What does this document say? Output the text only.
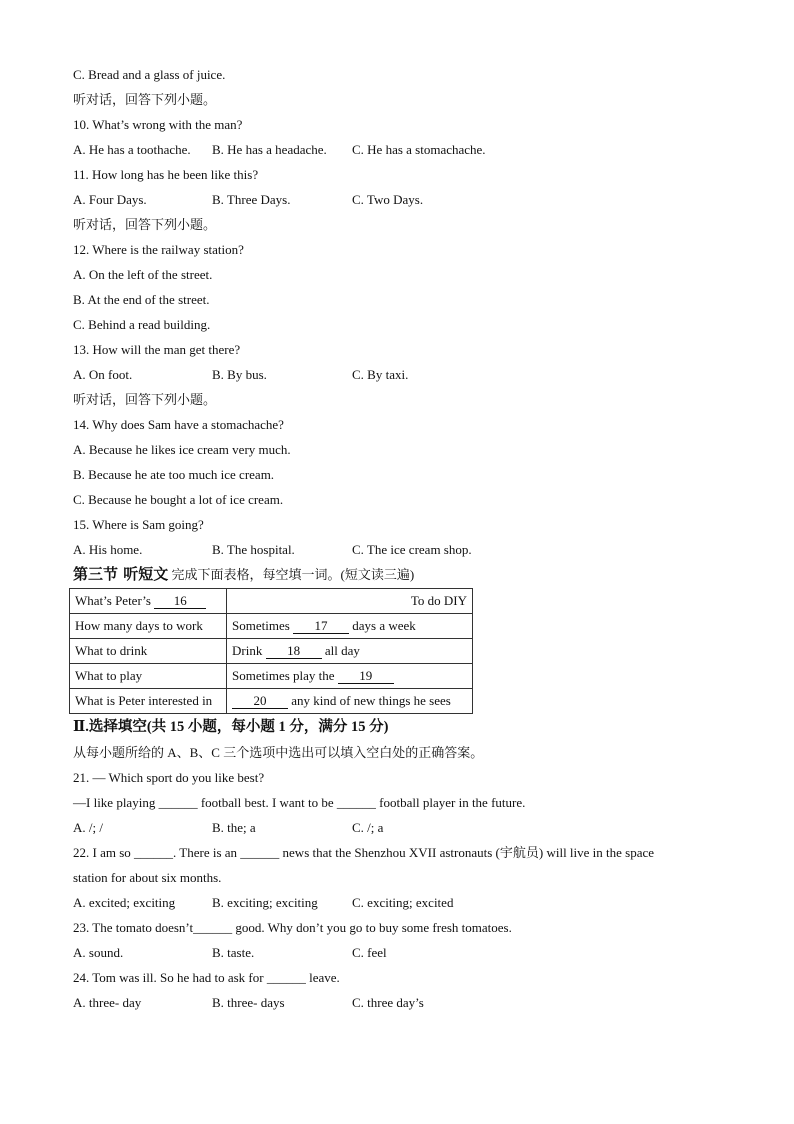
C. Bread and a glass of juice.
听对话，回答下列小题。
10. What’s wrong with the man?
A. He has a toothache. B. He has a headache. C. He has a stomachache.
11. How long has he been like this?
A. Four Days.	B. Three Days.	C. Two Days.
听对话，回答下列小题。
12. Where is the railway station?
A. On the left of the street.
B. At the end of the street.
C. Behind a read building.
13. How will the man get there?
A. On foot.	B. By bus.	C. By taxi.
听对话，回答下列小题。
14. Why does Sam have a stomachache?
A. Because he likes ice cream very much.
B. Because he ate too much ice cream.
C. Because he bought a lot of ice cream.
15. Where is Sam going?
A. His home.	B. The hospital.	C. The ice cream shop.
第三节 听短文 完成下面表格，每空填一词。(短文读三遍)
What’s Peter’s 16	To do DIY
How many days to work	Sometimes 17 days a week
What to drink	Drink 18 all day
What to play	Sometimes play the 19
What is Peter interested in	20 any kind of new things he sees
Ⅱ.选择填空(共 15 小题，每小题 1 分，满分 15 分)
从每小题所给的 A、B、C 三个选项中选出可以填入空白处的正确答案。
21. — Which sport do you like best?
—I like playing ______ football best. I want to be ______ football player in the future.
A. /; /	B. the; a	C. /; a
22. I am so ______. There is an ______ news that the Shenzhou XVII astronauts (宇航员) will live in the space
station for about six months.
A. excited; exciting	B. exciting; exciting	C. exciting; excited
23. The tomato doesn’t______ good. Why don’t you go to buy some fresh tomatoes.
A. sound.	B. taste.	C. feel
24. Tom was ill. So he had to ask for ______ leave.
A. three- day	B. three- days	C. three day’s
